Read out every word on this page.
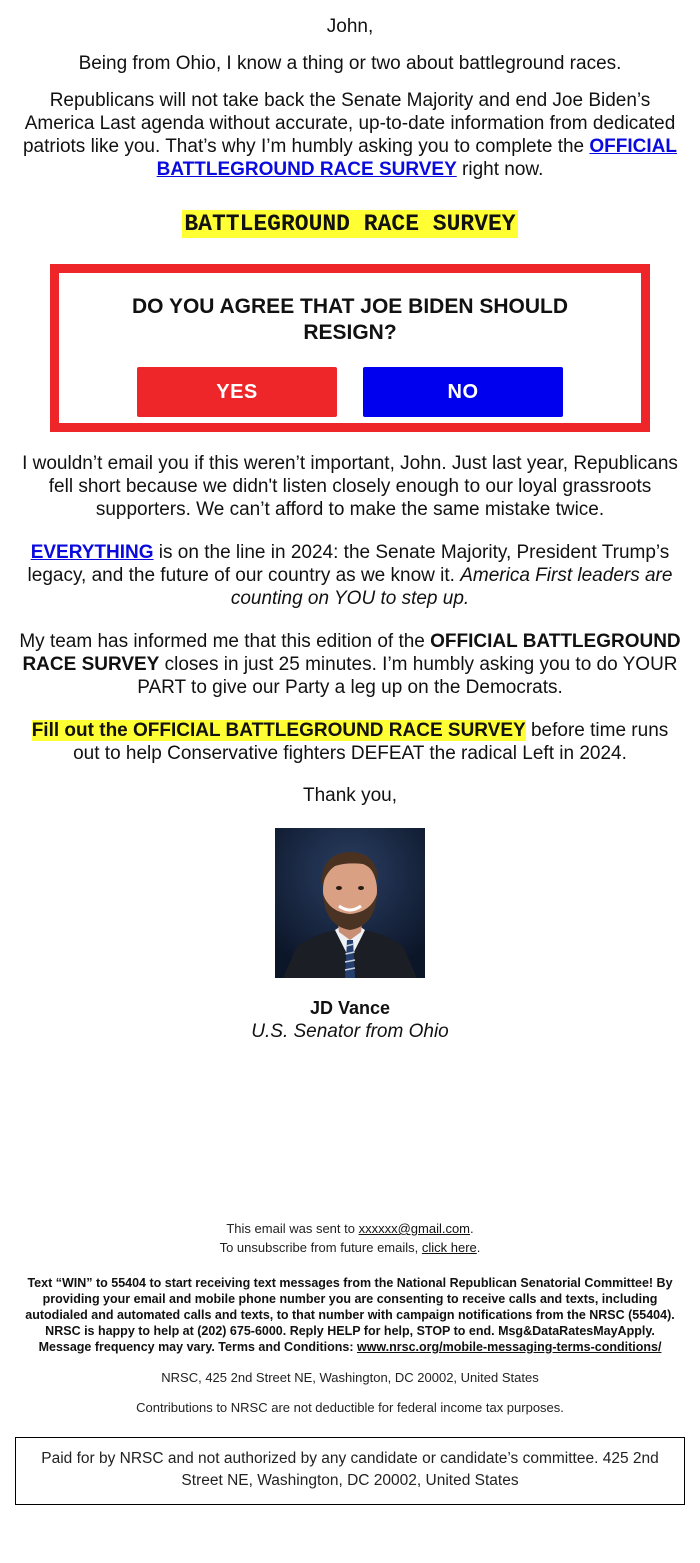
John,
Being from Ohio, I know a thing or two about battleground races.
Republicans will not take back the Senate Majority and end Joe Biden’s America Last agenda without accurate, up-to-date information from dedicated patriots like you. That’s why I’m humbly asking you to complete the OFFICIAL BATTLEGROUND RACE SURVEY right now.
BATTLEGROUND RACE SURVEY
DO YOU AGREE THAT JOE BIDEN SHOULD RESIGN?
YES	NO
I wouldn’t email you if this weren’t important, John. Just last year, Republicans fell short because we didn't listen closely enough to our loyal grassroots supporters. We can’t afford to make the same mistake twice.
EVERYTHING is on the line in 2024: the Senate Majority, President Trump’s legacy, and the future of our country as we know it. America First leaders are counting on YOU to step up.
My team has informed me that this edition of the OFFICIAL BATTLEGROUND RACE SURVEY closes in just 25 minutes. I’m humbly asking you to do YOUR PART to give our Party a leg up on the Democrats.
Fill out the OFFICIAL BATTLEGROUND RACE SURVEY before time runs out to help Conservative fighters DEFEAT the radical Left in 2024.
Thank you,
JD Vance
U.S. Senator from Ohio
This email was sent to xxxxxx@gmail.com.
To unsubscribe from future emails, click here.
Text “WIN” to 55404 to start receiving text messages from the National Republican Senatorial Committee! By providing your email and mobile phone number you are consenting to receive calls and texts, including autodialed and automated calls and texts, to that number with campaign notifications from the NRSC (55404). NRSC is happy to help at (202) 675-6000. Reply HELP for help, STOP to end. Msg&DataRatesMayApply. Message frequency may vary. Terms and Conditions: www.nrsc.org/mobile-messaging-terms-conditions/
NRSC, 425 2nd Street NE, Washington, DC 20002, United States
Contributions to NRSC are not deductible for federal income tax purposes.
Paid for by NRSC and not authorized by any candidate or candidate’s committee. 425 2nd Street NE, Washington, DC 20002, United States
